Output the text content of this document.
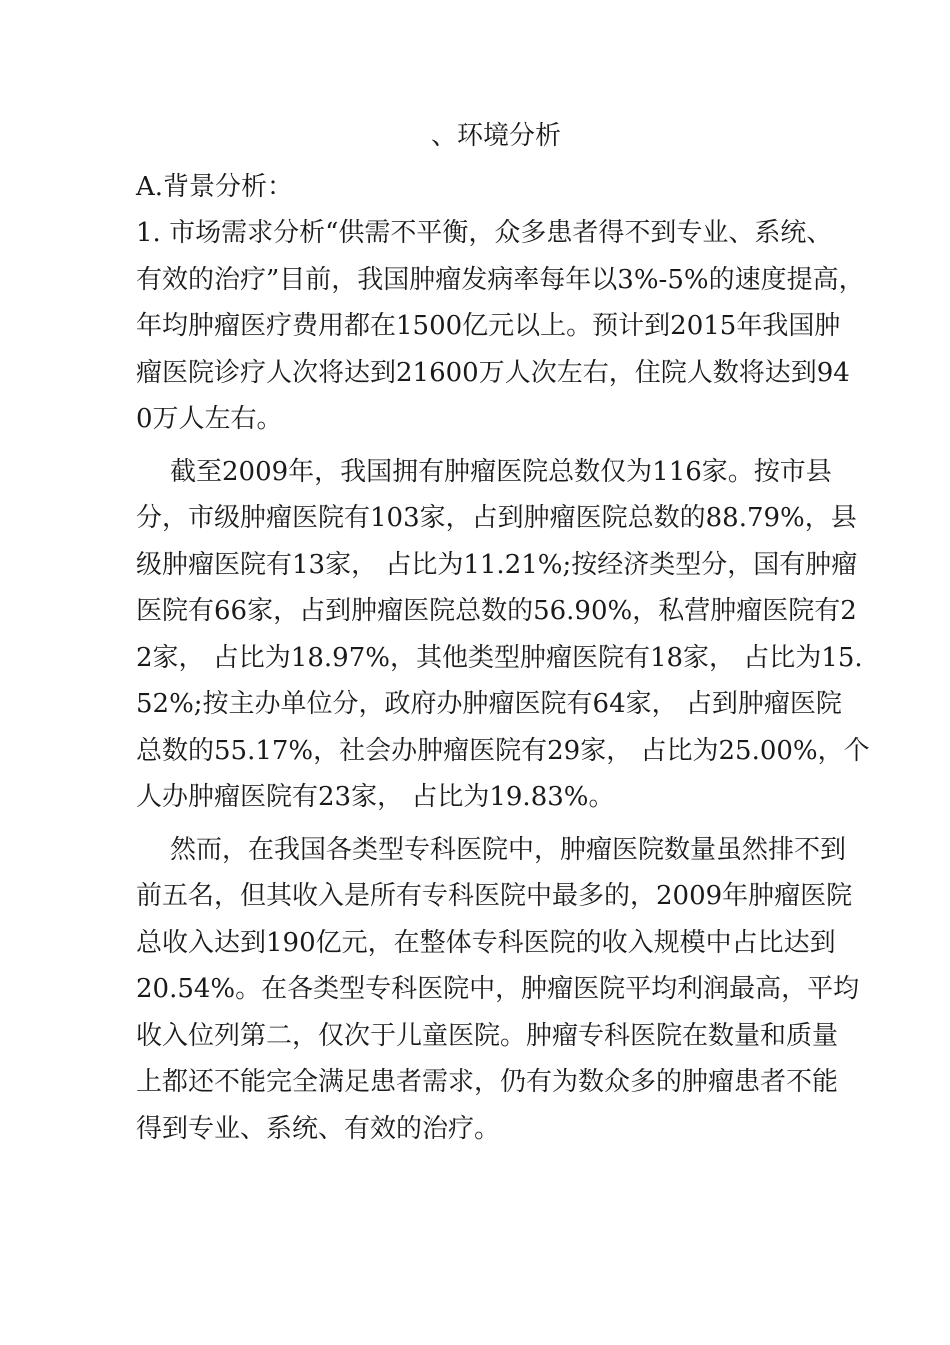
、环境分析
A.背景分析：
1. 市场需求分析“供需不平衡，众多患者得不到专业、系统、
有效的治疗”目前，我国肿瘤发病率每年以3%-5%的速度提高，
年均肿瘤医疗费用都在1500亿元以上。预计到2015年我国肿
瘤医院诊疗人次将达到21600万人次左右，住院人数将达到94
0万人左右。
截至2009年，我国拥有肿瘤医院总数仅为116家。按市县
分，市级肿瘤医院有103家，占到肿瘤医院总数的88.79%，县
级肿瘤医院有13家， 占比为11.21%;按经济类型分，国有肿瘤
医院有66家，占到肿瘤医院总数的56.90%，私营肿瘤医院有2
2家， 占比为18.97%，其他类型肿瘤医院有18家， 占比为15.
52%;按主办单位分，政府办肿瘤医院有64家， 占到肿瘤医院
总数的55.17%，社会办肿瘤医院有29家， 占比为25.00%，个
人办肿瘤医院有23家， 占比为19.83%。
然而，在我国各类型专科医院中，肿瘤医院数量虽然排不到
前五名，但其收入是所有专科医院中最多的，2009年肿瘤医院
总收入达到190亿元，在整体专科医院的收入规模中占比达到
20.54%。在各类型专科医院中，肿瘤医院平均利润最高，平均
收入位列第二，仅次于儿童医院。肿瘤专科医院在数量和质量
上都还不能完全满足患者需求，仍有为数众多的肿瘤患者不能
得到专业、系统、有效的治疗。
